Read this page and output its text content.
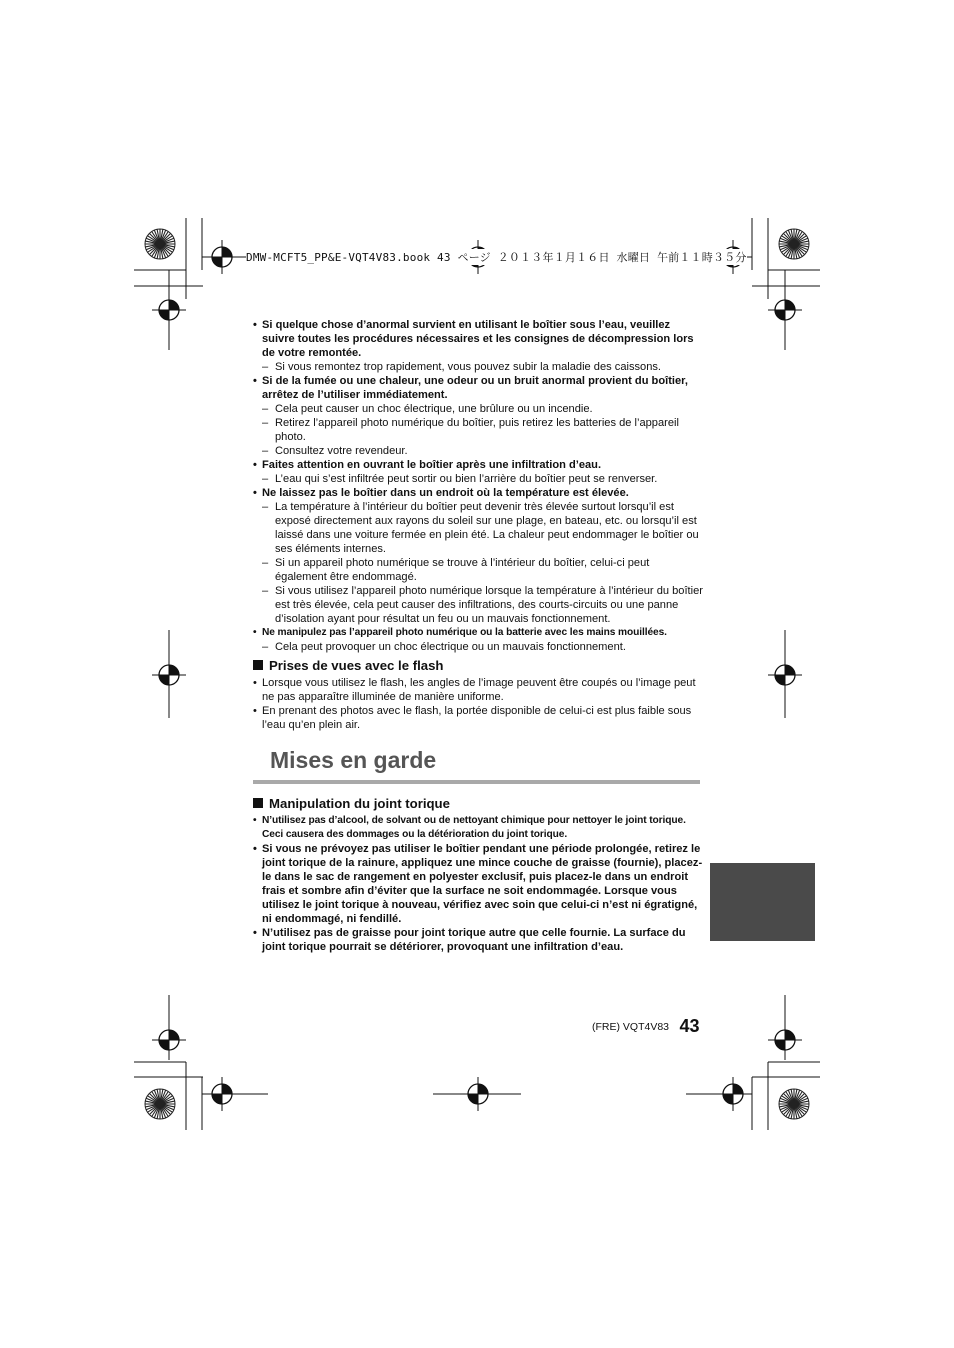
DMW-MCFT5_PP&E-VQT4V83.book 43 ページ ２０１３年１月１６日 水曜日 午前１１時３５分
• Si quelque chose d’anormal survient en utilisant le boîtier sous l’eau, veuillez suivre toutes les procédures nécessaires et les consignes de décompression lors de votre remontée.
– Si vous remontez trop rapidement, vous pouvez subir la maladie des caissons.
• Si de la fumée ou une chaleur, une odeur ou un bruit anormal provient du boîtier, arrêtez de l’utiliser immédiatement.
– Cela peut causer un choc électrique, une brûlure ou un incendie.
– Retirez l’appareil photo numérique du boîtier, puis retirez les batteries de l’appareil photo.
– Consultez votre revendeur.
• Faites attention en ouvrant le boîtier après une infiltration d’eau.
– L’eau qui s’est infiltrée peut sortir ou bien l’arrière du boîtier peut se renverser.
• Ne laissez pas le boîtier dans un endroit où la température est élevée.
– La température à l’intérieur du boîtier peut devenir très élevée surtout lorsqu’il est exposé directement aux rayons du soleil sur une plage, en bateau, etc. ou lorsqu’il est laissé dans une voiture fermée en plein été. La chaleur peut endommager le boîtier ou ses éléments internes.
– Si un appareil photo numérique se trouve à l’intérieur du boîtier, celui-ci peut également être endommagé.
– Si vous utilisez l’appareil photo numérique lorsque la température à l’intérieur du boîtier est très élevée, cela peut causer des infiltrations, des courts-circuits ou une panne d’isolation ayant pour résultat un feu ou un mauvais fonctionnement.
• Ne manipulez pas l’appareil photo numérique ou la batterie avec les mains mouillées.
– Cela peut provoquer un choc électrique ou un mauvais fonctionnement.
Prises de vues avec le flash
• Lorsque vous utilisez le flash, les angles de l’image peuvent être coupés ou l’image peut ne pas apparaître illuminée de manière uniforme.
• En prenant des photos avec le flash, la portée disponible de celui-ci est plus faible sous l’eau qu’en plein air.
Mises en garde
Manipulation du joint torique
• N’utilisez pas d’alcool, de solvant ou de nettoyant chimique pour nettoyer le joint torique. Ceci causera des dommages ou la détérioration du joint torique.
• Si vous ne prévoyez pas utiliser le boîtier pendant une période prolongée, retirez le joint torique de la rainure, appliquez une mince couche de graisse (fournie), placez-le dans le sac de rangement en polyester exclusif, puis placez-le dans un endroit frais et sombre afin d’éviter que la surface ne soit endommagée. Lorsque vous utilisez le joint torique à nouveau, vérifiez avec soin que celui-ci n’est ni égratigné, ni endommagé, ni fendillé.
• N’utilisez pas de graisse pour joint torique autre que celle fournie. La surface du joint torique pourrait se détériorer, provoquant une infiltration d’eau.
(FRE) VQT4V83 43
